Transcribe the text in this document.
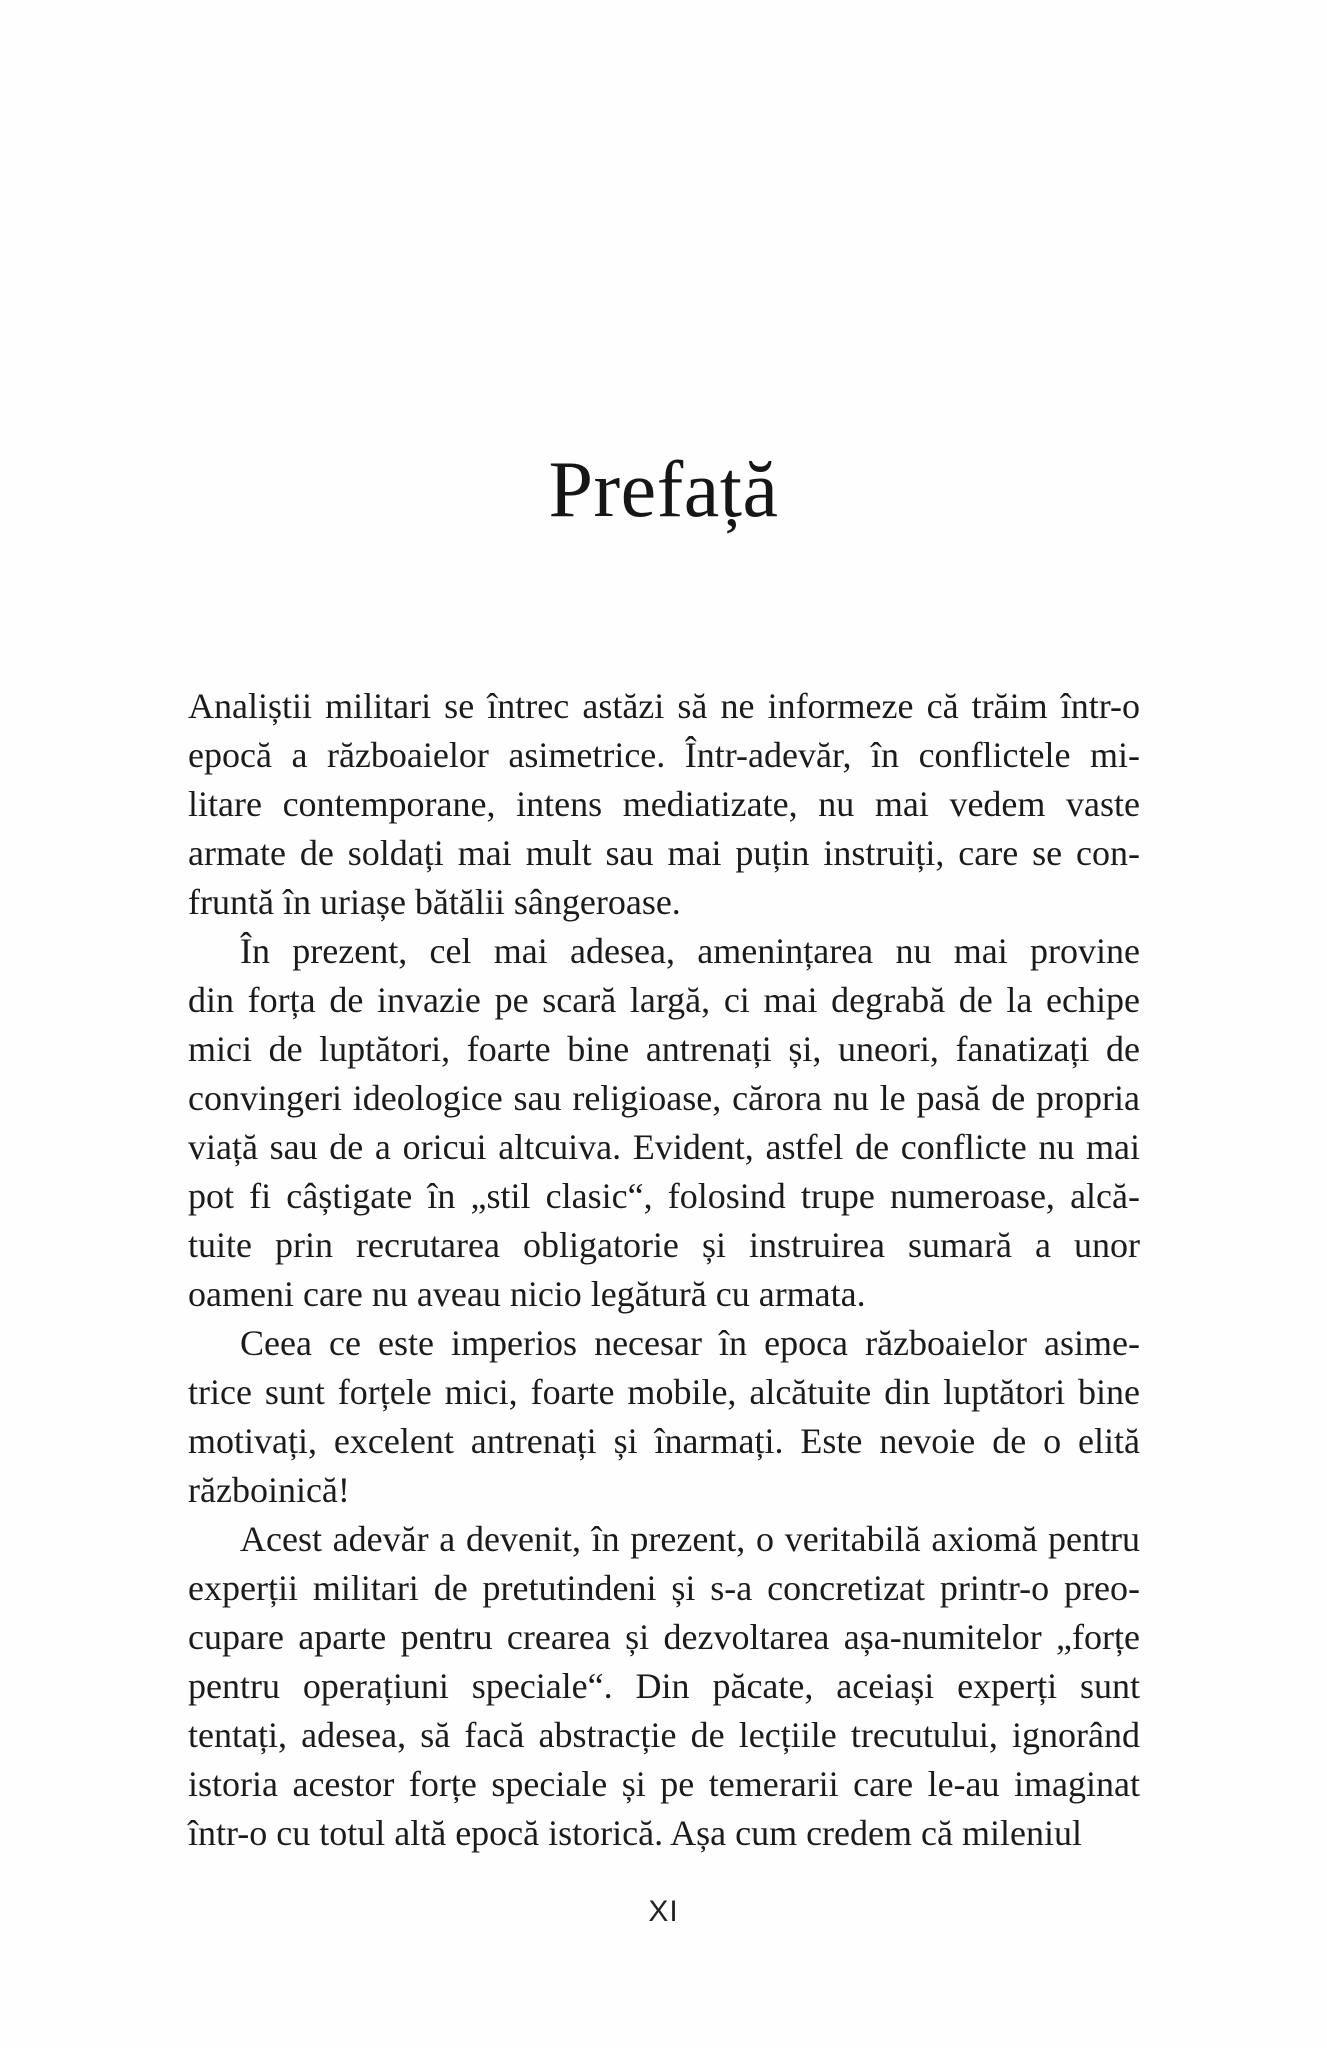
Prefață

Analiștii militari se întrec astăzi să ne informeze că trăim într-o
epocă a războaielor asimetrice. Într-adevăr, în conflictele mi-
litare contemporane, intens mediatizate, nu mai vedem vaste
armate de soldați mai mult sau mai puțin instruiți, care se con-
fruntă în uriașe bătălii sângeroase.

În prezent, cel mai adesea, amenințarea nu mai provine
din forța de invazie pe scară largă, ci mai degrabă de la echipe
mici de luptători, foarte bine antrenați și, uneori, fanatizați de
convingeri ideologice sau religioase, cărora nu le pasă de propria
viață sau de a oricui altcuiva. Evident, astfel de conflicte nu mai
pot fi câștigate în „stil clasic“, folosind trupe numeroase, alcă-
tuite prin recrutarea obligatorie și instruirea sumară a unor
oameni care nu aveau nicio legătură cu armata.

Ceea ce este imperios necesar în epoca războaielor asime-
trice sunt forțele mici, foarte mobile, alcătuite din luptători bine
motivați, excelent antrenați și înarmați. Este nevoie de o elită
războinică!

Acest adevăr a devenit, în prezent, o veritabilă axiomă pentru
experții militari de pretutindeni și s-a concretizat printr-o preo-
cupare aparte pentru crearea și dezvoltarea așa-numitelor „forțe
pentru operațiuni speciale“. Din păcate, aceiași experți sunt
tentați, adesea, să facă abstracție de lecțiile trecutului, ignorând
istoria acestor forțe speciale și pe temerarii care le-au imaginat
într-o cu totul altă epocă istorică. Așa cum credem că mileniul

XI
